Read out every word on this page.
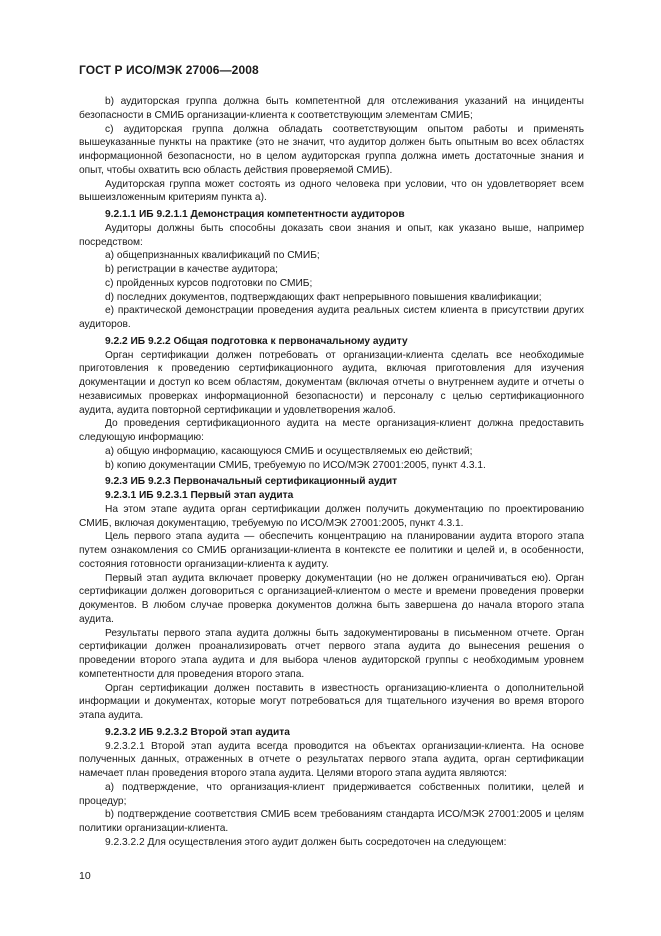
ГОСТ Р ИСО/МЭК 27006—2008

b) аудиторская группа должна быть компетентной для отслеживания указаний на инциденты безопасности в СМИБ организации-клиента к соответствующим элементам СМИБ;

c) аудиторская группа должна обладать соответствующим опытом работы и применять вышеуказанные пункты на практике (это не значит, что аудитор должен быть опытным во всех областях информационной безопасности, но в целом аудиторская группа должна иметь достаточные знания и опыт, чтобы охватить всю область действия проверяемой СМИБ).

Аудиторская группа может состоять из одного человека при условии, что он удовлетворяет всем вышеизложенным критериям пункта а).

9.2.1.1 ИБ 9.2.1.1 Демонстрация компетентности аудиторов

Аудиторы должны быть способны доказать свои знания и опыт, как указано выше, например посредством:

а) общепризнанных квалификаций по СМИБ;

b) регистрации в качестве аудитора;

c) пройденных курсов подготовки по СМИБ;

d) последних документов, подтверждающих факт непрерывного повышения квалификации;

e) практической демонстрации проведения аудита реальных систем клиента в присутствии других аудиторов.

9.2.2 ИБ 9.2.2 Общая подготовка к первоначальному аудиту

Орган сертификации должен потребовать от организации-клиента сделать все необходимые приготовления к проведению сертификационного аудита, включая приготовления для изучения документации и доступ ко всем областям, документам (включая отчеты о внутреннем аудите и отчеты о независимых проверках информационной безопасности) и персоналу с целью сертификационного аудита, аудита повторной сертификации и удовлетворения жалоб.

До проведения сертификационного аудита на месте организация-клиент должна предоставить следующую информацию:

а) общую информацию, касающуюся СМИБ и осуществляемых ею действий;

b) копию документации СМИБ, требуемую по ИСО/МЭК 27001:2005, пункт 4.3.1.

9.2.3 ИБ 9.2.3 Первоначальный сертификационный аудит

9.2.3.1 ИБ 9.2.3.1 Первый этап аудита

На этом этапе аудита орган сертификации должен получить документацию по проектированию СМИБ, включая документацию, требуемую по ИСО/МЭК 27001:2005, пункт 4.3.1.

Цель первого этапа аудита — обеспечить концентрацию на планировании аудита второго этапа путем ознакомления со СМИБ организации-клиента в контексте ее политики и целей и, в особенности, состояния готовности организации-клиента к аудиту.

Первый этап аудита включает проверку документации (но не должен ограничиваться ею). Орган сертификации должен договориться с организацией-клиентом о месте и времени проведения проверки документов. В любом случае проверка документов должна быть завершена до начала второго этапа аудита.

Результаты первого этапа аудита должны быть задокументированы в письменном отчете. Орган сертификации должен проанализировать отчет первого этапа аудита до вынесения решения о проведении второго этапа аудита и для выбора членов аудиторской группы с необходимым уровнем компетентности для проведения второго этапа.

Орган сертификации должен поставить в известность организацию-клиента о дополнительной информации и документах, которые могут потребоваться для тщательного изучения во время второго этапа аудита.

9.2.3.2 ИБ 9.2.3.2 Второй этап аудита

9.2.3.2.1 Второй этап аудита всегда проводится на объектах организации-клиента. На основе полученных данных, отраженных в отчете о результатах первого этапа аудита, орган сертификации намечает план проведения второго этапа аудита. Целями второго этапа аудита являются:

а) подтверждение, что организация-клиент придерживается собственных политики, целей и процедур;

b) подтверждение соответствия СМИБ всем требованиям стандарта ИСО/МЭК 27001:2005 и целям политики организации-клиента.

9.2.3.2.2 Для осуществления этого аудит должен быть сосредоточен на следующем:

10
